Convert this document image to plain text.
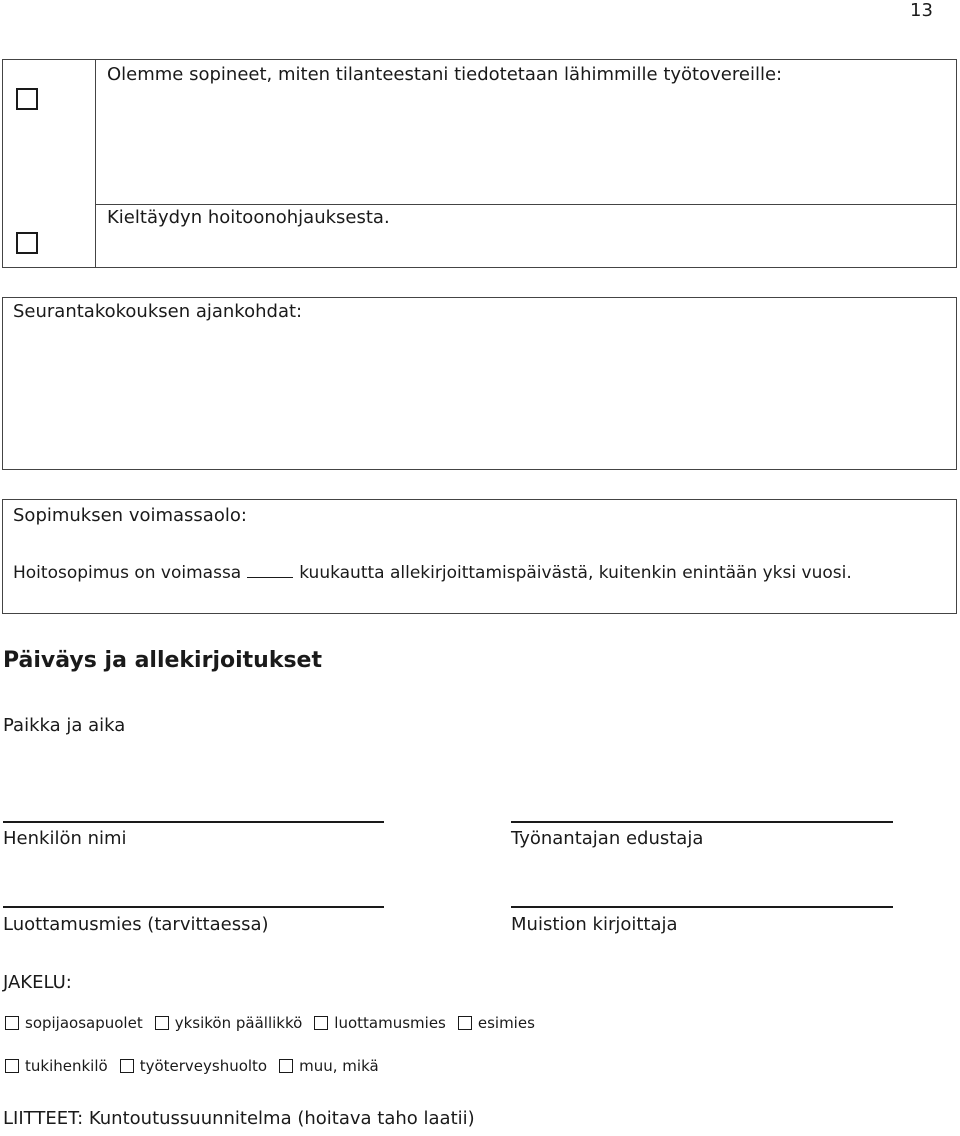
13
Olemme sopineet, miten tilanteestani tiedotetaan lähimmille työtovereille:
Kieltäydyn hoitoonohjauksesta.
Seurantakokouksen ajankohdat:
Sopimuksen voimassaolo:
Hoitosopimus on voimassa	kuukautta allekirjoittamispäivästä, kuitenkin enintään yksi vuosi.
Päiväys ja allekirjoitukset
Paikka ja aika
Henkilön nimi	Työnantajan edustaja
Luottamusmies (tarvittaessa)	Muistion kirjoittaja
JAKELU:
sopijaosapuolet yksikön päällikkö luottamusmies esimies
tukihenkilö työterveyshuolto muu, mikä
LIITTEET: Kuntoutussuunnitelma (hoitava taho laatii)
